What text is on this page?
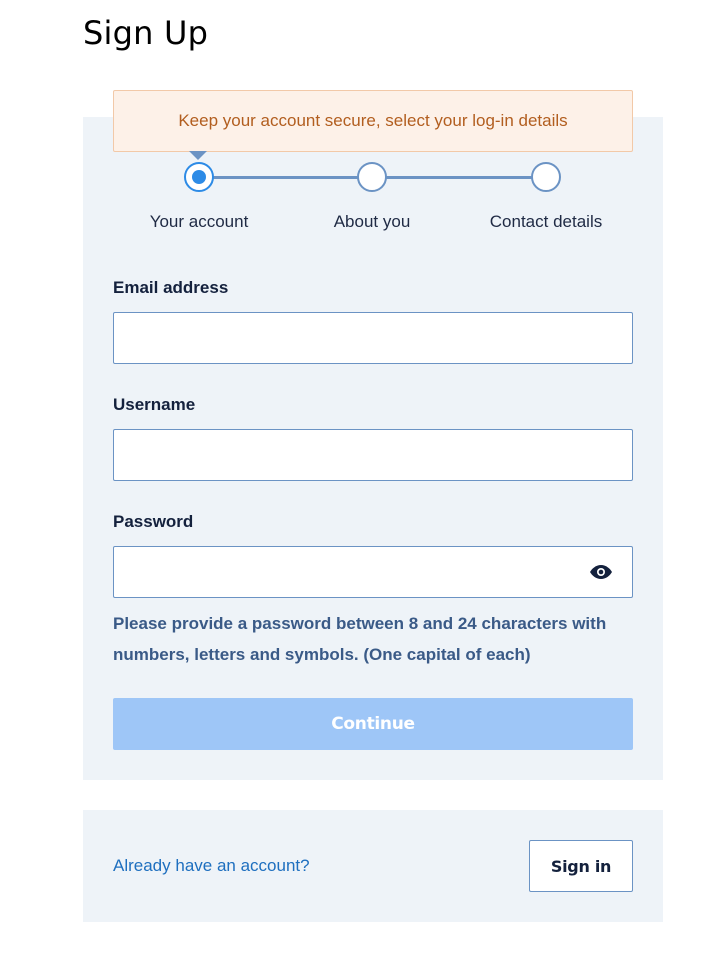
Sign Up
Keep your account secure, select your log-in details
Your account	About you	Contact details
Email address
Username
Password

Please provide a password between 8 and 24 characters with numbers, letters and symbols. (One capital of each)

Continue
Already have an account?	Sign in
